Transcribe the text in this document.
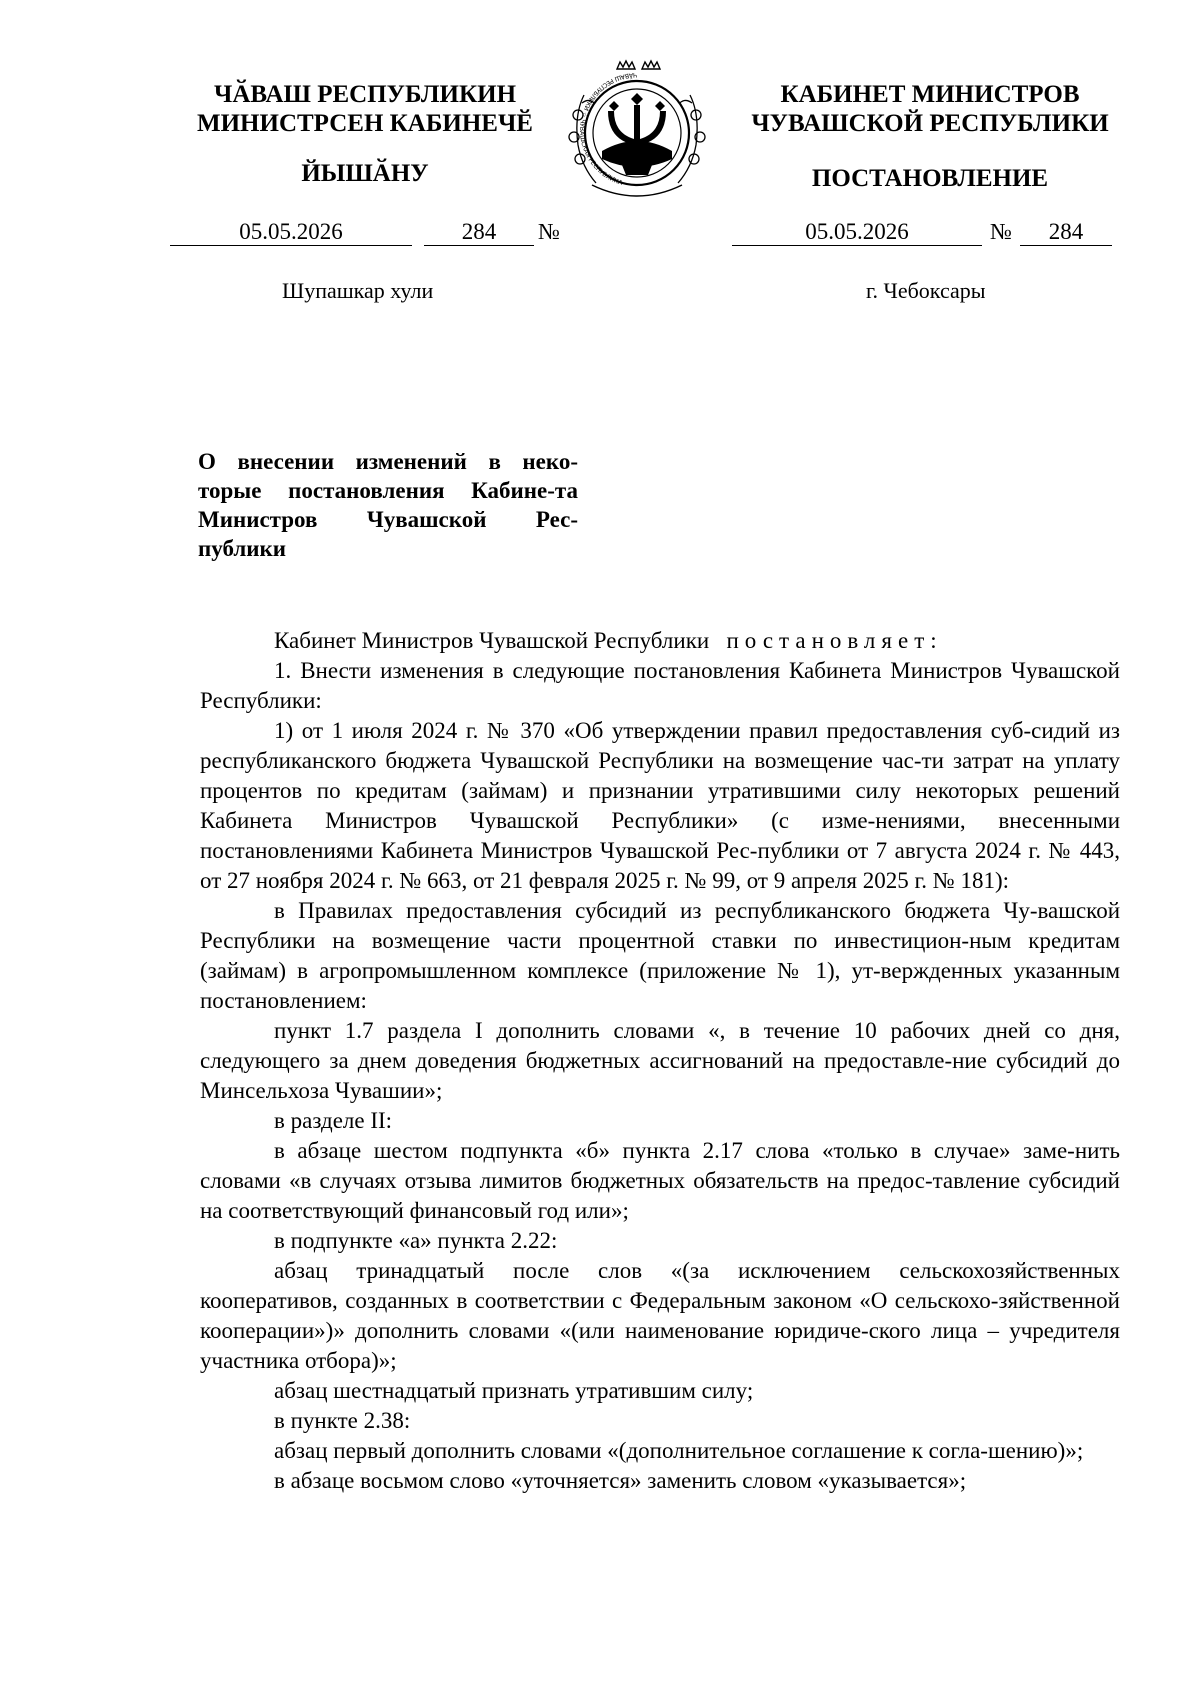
ЧӐВАШ РЕСПУБЛИКИН
МИНИСТРСЕН КАБИНЕЧӖ
ЙЫШӐНУ
ЧӐВАШ РЕСПУБЛИКИ ☆ ЧУВАШСКАЯ РЕСПУБЛИКА
КАБИНЕТ МИНИСТРОВ
ЧУВАШСКОЙ РЕСПУБЛИКИ
ПОСТАНОВЛЕНИЕ
05.05.2026	284	№	05.05.2026	№	284
Шупашкар хули	г. Чебоксары
О внесении изменений в неко-торые постановления Кабине-та Министров Чувашской Рес-публики

Кабинет Министров Чувашской Республики постановляет:

1. Внести изменения в следующие постановления Кабинета Министров Чувашской Республики:

1) от 1 июля 2024 г. № 370 «Об утверждении правил предоставления суб-сидий из республиканского бюджета Чувашской Республики на возмещение час-ти затрат на уплату процентов по кредитам (займам) и признании утратившими силу некоторых решений Кабинета Министров Чувашской Республики» (с изме-нениями, внесенными постановлениями Кабинета Министров Чувашской Рес-публики от 7 августа 2024 г. № 443, от 27 ноября 2024 г. № 663, от 21 февраля 2025 г. № 99, от 9 апреля 2025 г. № 181):

в Правилах предоставления субсидий из республиканского бюджета Чу-вашской Республики на возмещение части процентной ставки по инвестицион-ным кредитам (займам) в агропромышленном комплексе (приложение № 1), ут-вержденных указанным постановлением:

пункт 1.7 раздела I дополнить словами «, в течение 10 рабочих дней со дня, следующего за днем доведения бюджетных ассигнований на предоставле-ние субсидий до Минсельхоза Чувашии»;

в разделе II:

в абзаце шестом подпункта «б» пункта 2.17 слова «только в случае» заме-нить словами «в случаях отзыва лимитов бюджетных обязательств на предос-тавление субсидий на соответствующий финансовый год или»;

в подпункте «а» пункта 2.22:

абзац тринадцатый после слов «(за исключением сельскохозяйственных кооперативов, созданных в соответствии с Федеральным законом «О сельскохо-зяйственной кооперации»)» дополнить словами «(или наименование юридиче-ского лица – учредителя участника отбора)»;

абзац шестнадцатый признать утратившим силу;

в пункте 2.38:

абзац первый дополнить словами «(дополнительное соглашение к согла-шению)»;

в абзаце восьмом слово «уточняется» заменить словом «указывается»;
